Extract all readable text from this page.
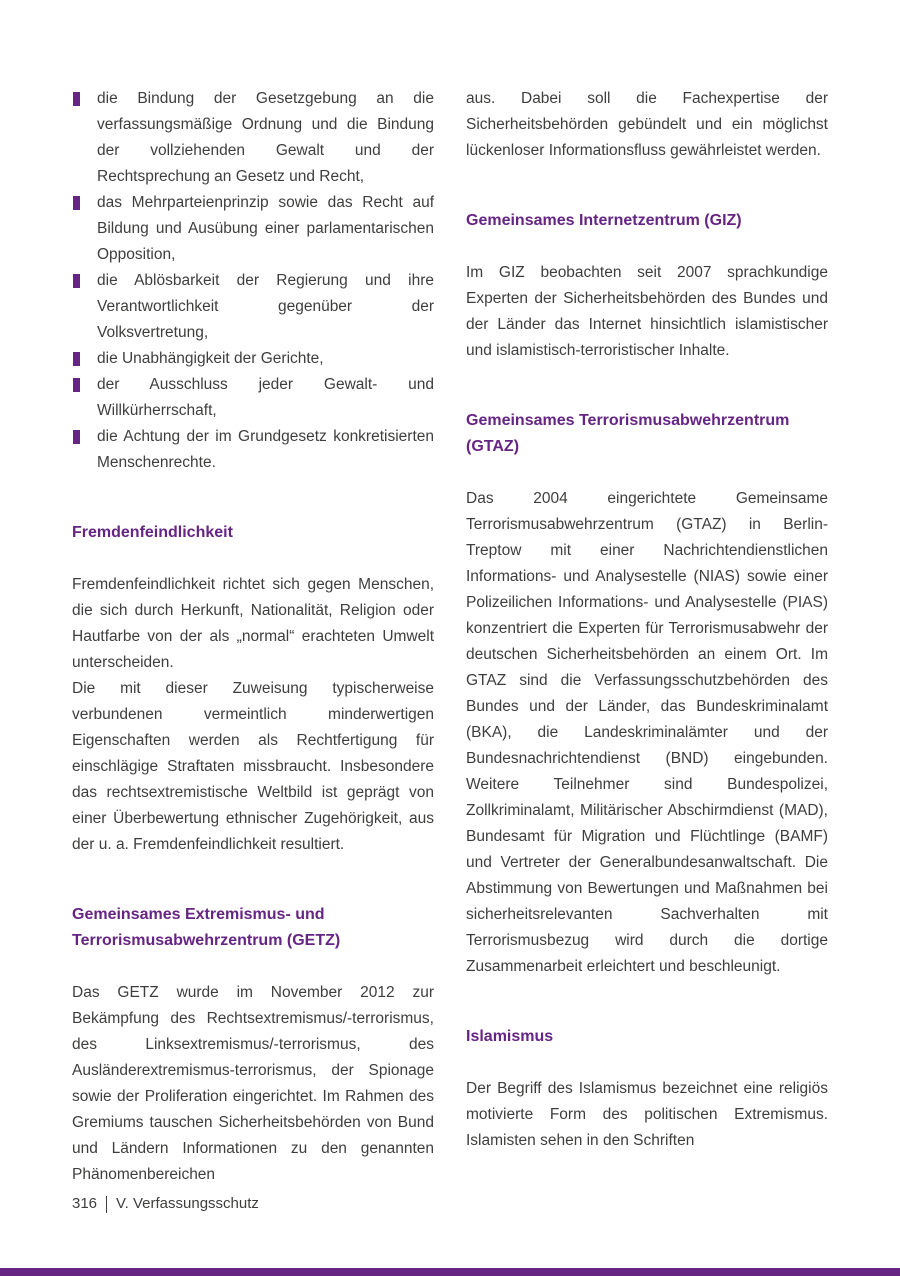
die Bindung der Gesetzgebung an die verfassungsmäßige Ordnung und die Bindung der vollziehenden Gewalt und der Rechtsprechung an Gesetz und Recht,
das Mehrparteienprinzip sowie das Recht auf Bildung und Ausübung einer parlamentarischen Opposition,
die Ablösbarkeit der Regierung und ihre Verantwortlichkeit gegenüber der Volksvertretung,
die Unabhängigkeit der Gerichte,
der Ausschluss jeder Gewalt- und Willkürherrschaft,
die Achtung der im Grundgesetz konkretisierten Menschenrechte.
Fremdenfeindlichkeit

Fremdenfeindlichkeit richtet sich gegen Menschen, die sich durch Herkunft, Nationalität, Religion oder Hautfarbe von der als „normal“ erachteten Umwelt unterscheiden.

Die mit dieser Zuweisung typischerweise verbundenen vermeintlich minderwertigen Eigenschaften werden als Rechtfertigung für einschlägige Straftaten missbraucht. Insbesondere das rechtsextremistische Weltbild ist geprägt von einer Überbewertung ethnischer Zugehörigkeit, aus der u. a. Fremdenfeindlichkeit resultiert.

Gemeinsames Extremismus- und Terrorismusabwehrzentrum (GETZ)

Das GETZ wurde im November 2012 zur Bekämpfung des Rechtsextremismus/-terrorismus, des Linksextremismus/-terrorismus, des Ausländerextremismus-terrorismus, der Spionage sowie der Proliferation eingerichtet. Im Rahmen des Gremiums tauschen Sicherheitsbehörden von Bund und Ländern Informationen zu den genannten Phänomenbereichen

aus. Dabei soll die Fachexpertise der Sicherheitsbehörden gebündelt und ein möglichst lückenloser Informationsfluss gewährleistet werden.

Gemeinsames Internetzentrum (GIZ)

Im GIZ beobachten seit 2007 sprachkundige Experten der Sicherheitsbehörden des Bundes und der Länder das Internet hinsichtlich islamistischer und islamistisch-terroristischer Inhalte.

Gemeinsames Terrorismusabwehrzentrum (GTAZ)

Das 2004 eingerichtete Gemeinsame Terrorismusabwehrzentrum (GTAZ) in Berlin-Treptow mit einer Nachrichtendienstlichen Informations- und Analysestelle (NIAS) sowie einer Polizeilichen Informations- und Analysestelle (PIAS) konzentriert die Experten für Terrorismusabwehr der deutschen Sicherheitsbehörden an einem Ort. Im GTAZ sind die Verfassungsschutzbehörden des Bundes und der Länder, das Bundeskriminalamt (BKA), die Landeskriminalämter und der Bundesnachrichtendienst (BND) eingebunden. Weitere Teilnehmer sind Bundespolizei, Zollkriminalamt, Militärischer Abschirmdienst (MAD), Bundesamt für Migration und Flüchtlinge (BAMF) und Vertreter der Generalbundesanwaltschaft. Die Abstimmung von Bewertungen und Maßnahmen bei sicherheitsrelevanten Sachverhalten mit Terrorismusbezug wird durch die dortige Zusammenarbeit erleichtert und beschleunigt.

Islamismus

Der Begriff des Islamismus bezeichnet eine religiös motivierte Form des politischen Extremismus. Islamisten sehen in den Schriften

316 V. Verfassungsschutz
